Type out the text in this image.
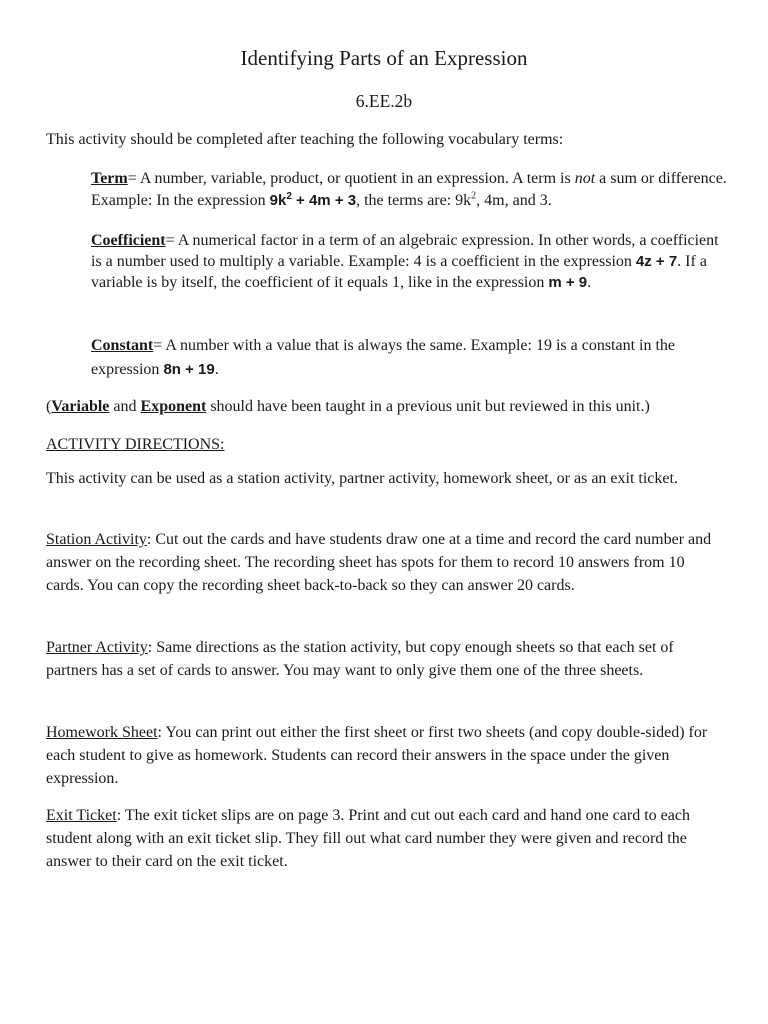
Identifying Parts of an Expression
6.EE.2b

This activity should be completed after teaching the following vocabulary terms:

Term= A number, variable, product, or quotient in an expression. A term is not a sum or difference. Example: In the expression $9k^2 + 4m + 3$, the terms are: $9k^2$, 4m, and 3.

Coefficient= A numerical factor in a term of an algebraic expression. In other words, a coefficient is a number used to multiply a variable. Example: 4 is a coefficient in the expression 4z + 7. If a variable is by itself, the coefficient of it equals 1, like in the expression m + 9.

Constant= A number with a value that is always the same. Example: 19 is a constant in the expression 8n + 19.

(Variable and Exponent should have been taught in a previous unit but reviewed in this unit.)

ACTIVITY DIRECTIONS:

This activity can be used as a station activity, partner activity, homework sheet, or as an exit ticket.

Station Activity: Cut out the cards and have students draw one at a time and record the card number and answer on the recording sheet. The recording sheet has spots for them to record 10 answers from 10 cards. You can copy the recording sheet back-to-back so they can answer 20 cards.

Partner Activity: Same directions as the station activity, but copy enough sheets so that each set of partners has a set of cards to answer. You may want to only give them one of the three sheets.

Homework Sheet: You can print out either the first sheet or first two sheets (and copy double-sided) for each student to give as homework. Students can record their answers in the space under the given expression.

Exit Ticket: The exit ticket slips are on page 3. Print and cut out each card and hand one card to each student along with an exit ticket slip. They fill out what card number they were given and record the answer to their card on the exit ticket.
